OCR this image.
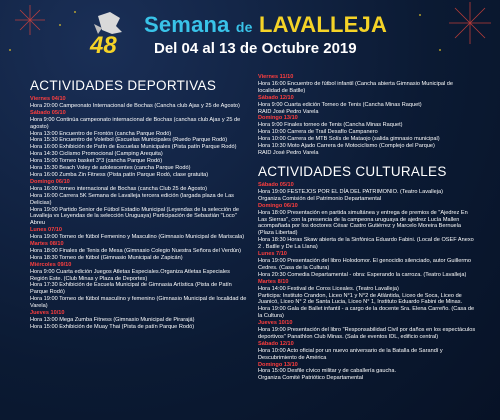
48
Semana de LAVALLEJA
Del 04 al 13 de Octubre 2019
ACTIVIDADES DEPORTIVAS
Viernes 04/10
Hora 20:00 Campeonato Internacional de Bochas (Cancha club Ajas y 25 de Agosto)
Sábado 05/10
Hora 9:00 Continúa campeonato internacional de Bochas (canchas club Ajas y 25 de agosto)
Hora 13:00 Encuentro de Frontón (cancha Parque Rodó)
Hora 15:30 Encuentro de Voleibol (Escuelas Municipales (Ruedo Parque Rodó)
Hora 16:00 Exhibición de Patín de Escuelas Municipales (Pista patín Parque Rodó)
Hora 14:30 Ciclismo Promocional (Camping Arequita)
Hora 15:00 Torneo basket 3*3 (cancha Parque Rodó)
Hora 15:30 Beach Voley de adolescentes (cancha Parque Rodó)
Hora 16:00 Zumba Zin Fitness (Pista patín Parque Rodó, clase gratuita)
Domingo 06/10
Hora 16:00 torneo internacional de Bochas (cancha Club 25 de Agosto)
Hora 16:00 Carrera 5K Semana de Lavalleja tercera edición (largada plaza de Las Delicias)
Hora 19:00 Partido Senior de Fútbol Estadio Municipal (Leyendas de la selección de Lavalleja vs Leyendas de la selección Uruguaya) Participación de Sebastián "Loco" Abreu
Lunes 07/10
Hora 19:00 Torneo de fútbol Femenino y Masculino (Gimnasio Municipal de Mariscala)
Martes 08/10
Hora 18:00 Finales de Tenis de Mesa (Gimnasio Colegio Nuestra Señora del Verdún)
Hora 18:30 Torneo de fútbol (Gimnasio Municipal de Zapicán)
Miércoles 09/10
Hora 9:00 Cuarta edición Juegos Atletas Especiales.Organiza Atletas Especiales Región Este. (Club Minas y Plaza de Deportes)
Hora 17:30 Exhibición de Escuela Municipal de Gimnasia Artística (Pista de Patín Parque Rodó)
Hora 19:00 Torneo de fútbol masculino y femenino (Gimnasio Municipal de localidad de Varela)
Jueves 10/10
Hora 13:00 Mega Zumba Fitness (Gimnasio Municipal de Pirarajá)
Hora 15:00 Exhibición de Muay Thai (Pista de patín Parque Rodó)
Viernes 11/10
Hora 16:00 Encuentro de fútbol infantil (Cancha abierta Gimnasio Municipal de localidad de Batlle)
Sábado 12/10
Hora 9:00 Cuarta edición Torneo de Tenis (Cancha Minas Raquet)
RAID José Pedro Varela
Domingo 13/10
Hora 9:00 Finales torneo de Tenis (Cancha Minas Raquet)
Hora 10:00 Carrera de Trail Desafío Campanero
Hora 10:00 Carrera de MTB Solís de Mataojo (salida gimnasio municipal)
Hora 10:30 Moto Ajado Carrera de Motociclismo (Complejo del Parque)
RAID José Pedro Varela
ACTIVIDADES CULTURALES
Sábado 05/10
Hora 19:00 FESTEJOS POR EL DÍA DEL PATRIMONIO. (Teatro Lavalleja)
Organiza Comisión del Patrimonio Departamental
Domingo 06/10
Hora 18:00 Presentación en partida simultánea y entrega de premios de "Ajedrez En Las Sierras", con la presencia de la campeona uruguaya de ajedrez Lucía Mallen acompañada por los doctores César Castro Gutiérrez y Marcelo Moreira Bernuela (Plaza Libertad)
Hora 18:30 Horas Skaw abierta de la Sinfónica Eduardo Fabini. (Local de OSEF Anexo 2 . Batlle y De La Llana)
Lunes 7/10
Hora 19:00 Presentación del libro Holodomor. El genocidio silenciado, autor Guillermo Cedres. (Casa de la Cultura)
Hora 20:30 Comedia Departamental - obra: Esperando la carroza. (Teatro Lavalleja)
Martes 8/10
Hora 14:00 Festival de Coros Liceales. (Teatro Lavalleja)
Participa: Instituto Crandon, Liceo N°1 y N°2 de Atlántida, Liceo de Soca, Liceo de Juanicó, Liceo N° 2 de Santa Lucia, Liceo N° 1, Instituto Eduardo Fabini de Minas.
Hora 19:00 Gala de Ballet infantil - a cargo de la docente Sra. Elena Carreño. (Casa de la Cultura)
Jueves 10/10
Hora 19:00 Presentación del libro "Responsabilidad Civil por daños en los espectáculos deportivos" Panathlon Club Minas. (Sala de eventos IDL, edificio central)
Sábado 12/10
Hora 10:00 Acto oficial por un nuevo aniversario de la Batalla de Sarandí y Descubrimiento de América
Domingo 13/10
Hora 15:00 Desfile cívico militar y de caballería gaucha.
Organiza Comité Patriótico Departamental
